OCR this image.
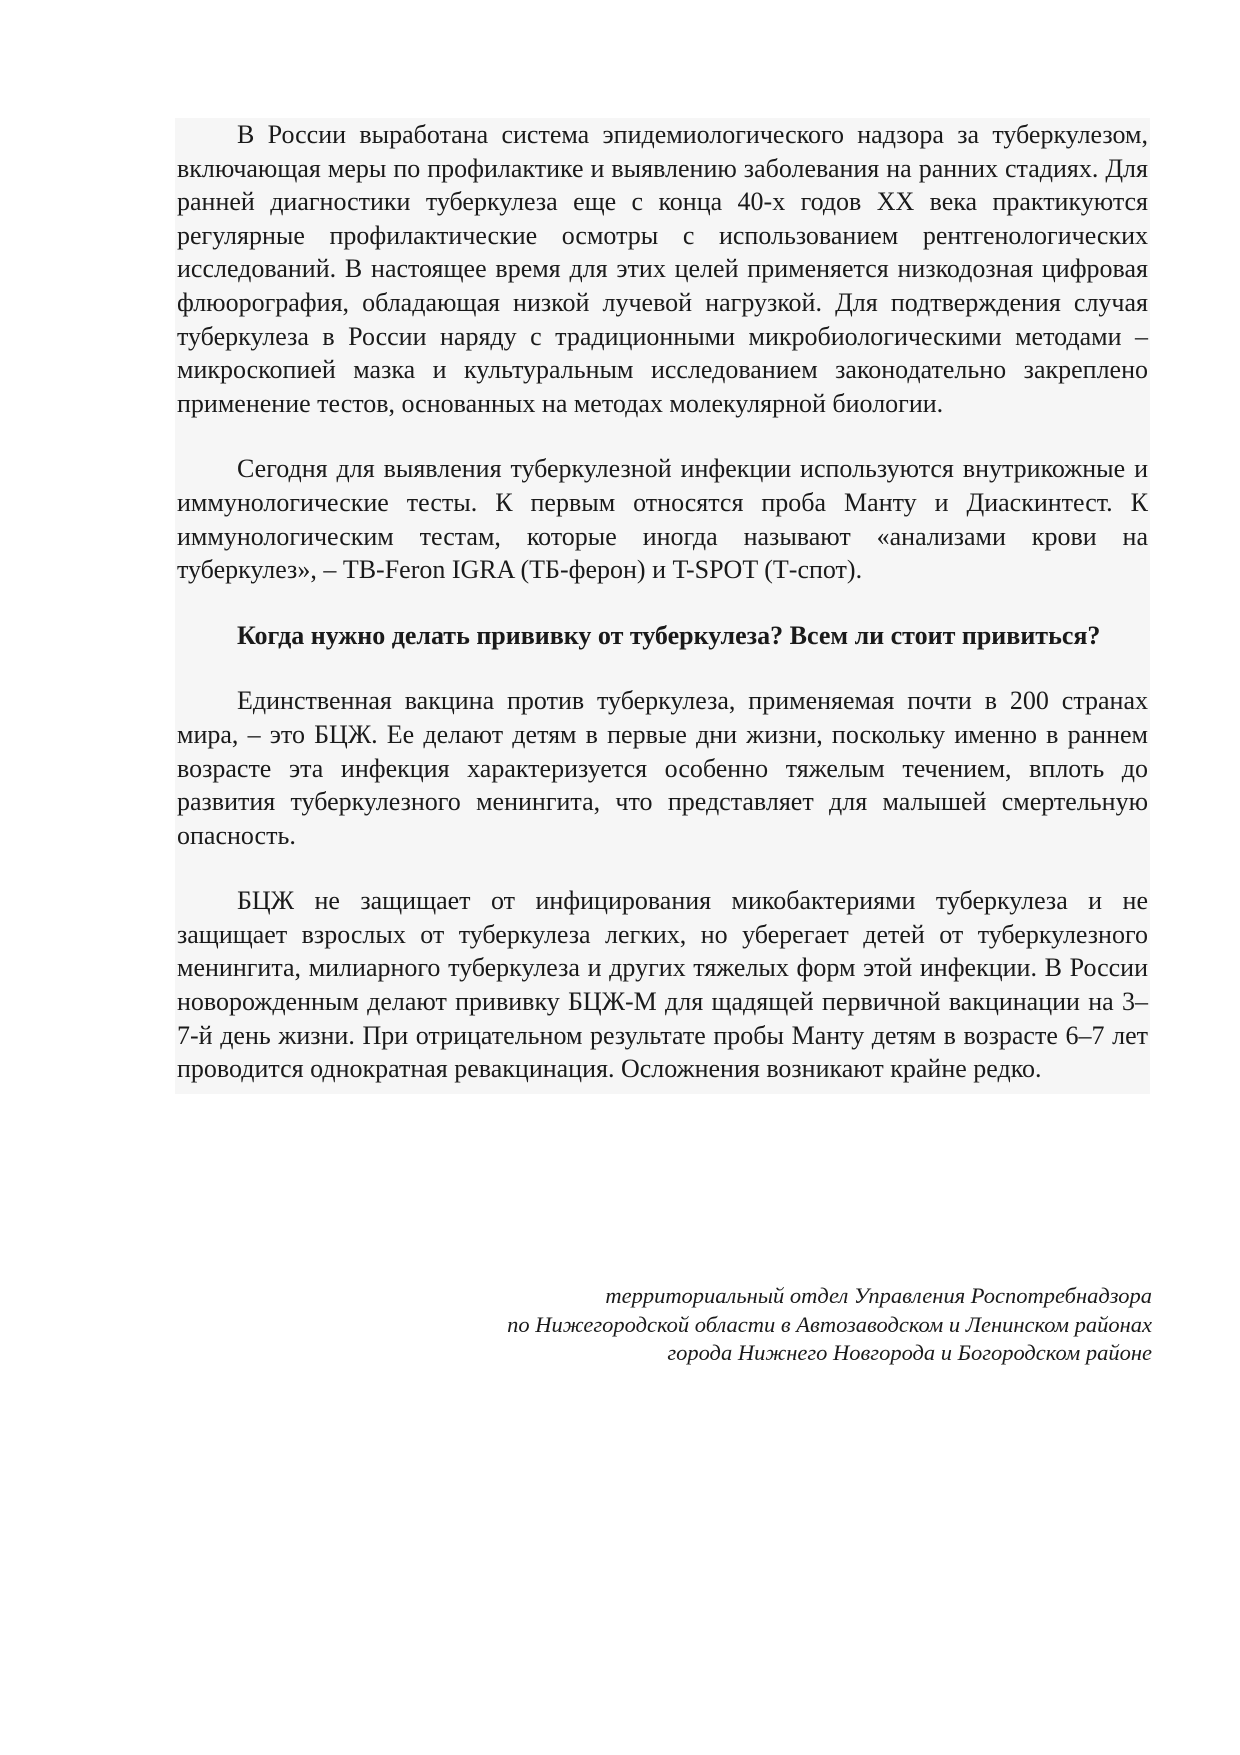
В России выработана система эпидемиологического надзора за туберкулезом, включающая меры по профилактике и выявлению заболевания на ранних стадиях. Для ранней диагностики туберкулеза еще с конца 40-х годов XX века практикуются регулярные профилактические осмотры с использованием рентгенологических исследований. В настоящее время для этих целей применяется низкодозная цифровая флюорография, обладающая низкой лучевой нагрузкой. Для подтверждения случая туберкулеза в России наряду с традиционными микробиологическими методами – микроскопией мазка и культуральным исследованием законодательно закреплено применение тестов, основанных на методах молекулярной биологии.

Сегодня для выявления туберкулезной инфекции используются внутрикожные и иммунологические тесты. К первым относятся проба Манту и Диаскинтест. К иммунологическим тестам, которые иногда называют «анализами крови на туберкулез», – TB-Feron IGRA (ТБ-ферон) и T-SPOT (Т-спот).

Когда нужно делать прививку от туберкулеза? Всем ли стоит привиться?

Единственная вакцина против туберкулеза, применяемая почти в 200 странах мира, – это БЦЖ. Ее делают детям в первые дни жизни, поскольку именно в раннем возрасте эта инфекция характеризуется особенно тяжелым течением, вплоть до развития туберкулезного менингита, что представляет для малышей смертельную опасность.

БЦЖ не защищает от инфицирования микобактериями туберкулеза и не защищает взрослых от туберкулеза легких, но уберегает детей от туберкулезного менингита, милиарного туберкулеза и других тяжелых форм этой инфекции. В России новорожденным делают прививку БЦЖ-М для щадящей первичной вакцинации на 3–7-й день жизни. При отрицательном результате пробы Манту детям в возрасте 6–7 лет проводится однократная ревакцинация. Осложнения возникают крайне редко.

территориальный отдел Управления Роспотребнадзора
по Нижегородской области в Автозаводском и Ленинском районах
города Нижнего Новгорода и Богородском районе
